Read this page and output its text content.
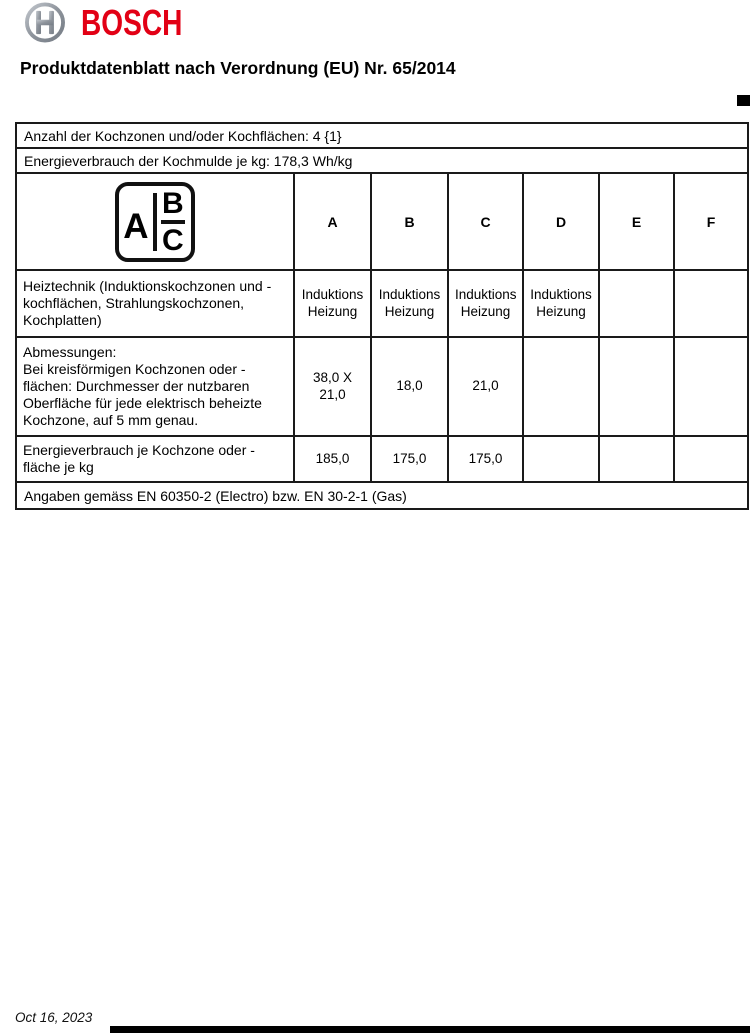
BOSCH
Produktdatenblatt nach Verordnung (EU) Nr. 65/2014
Anzahl der Kochzonen und/oder Kochflächen: 4 {1}						
Energieverbrauch der Kochmulde je kg: 178,3 Wh/kg						

A
B
C	A	B	C	D	E	F
Heiztechnik (Induktionskochzonen und -kochflächen, Strahlungskochzonen, Kochplatten)	Induktions Heizung	Induktions Heizung	Induktions Heizung	Induktions Heizung		

Abmessungen:
Bei kreisförmigen Kochzonen oder - flächen: Durchmesser der nutzbaren Oberfläche für jede elektrisch beheizte Kochzone, auf 5 mm genau.	38,0 X 21,0	18,0	21,0			
Energieverbrauch je Kochzone oder - fläche je kg	185,0	175,0	175,0			
Angaben gemäss EN 60350-2 (Electro) bzw. EN 30-2-1 (Gas)						
Oct 16, 2023
